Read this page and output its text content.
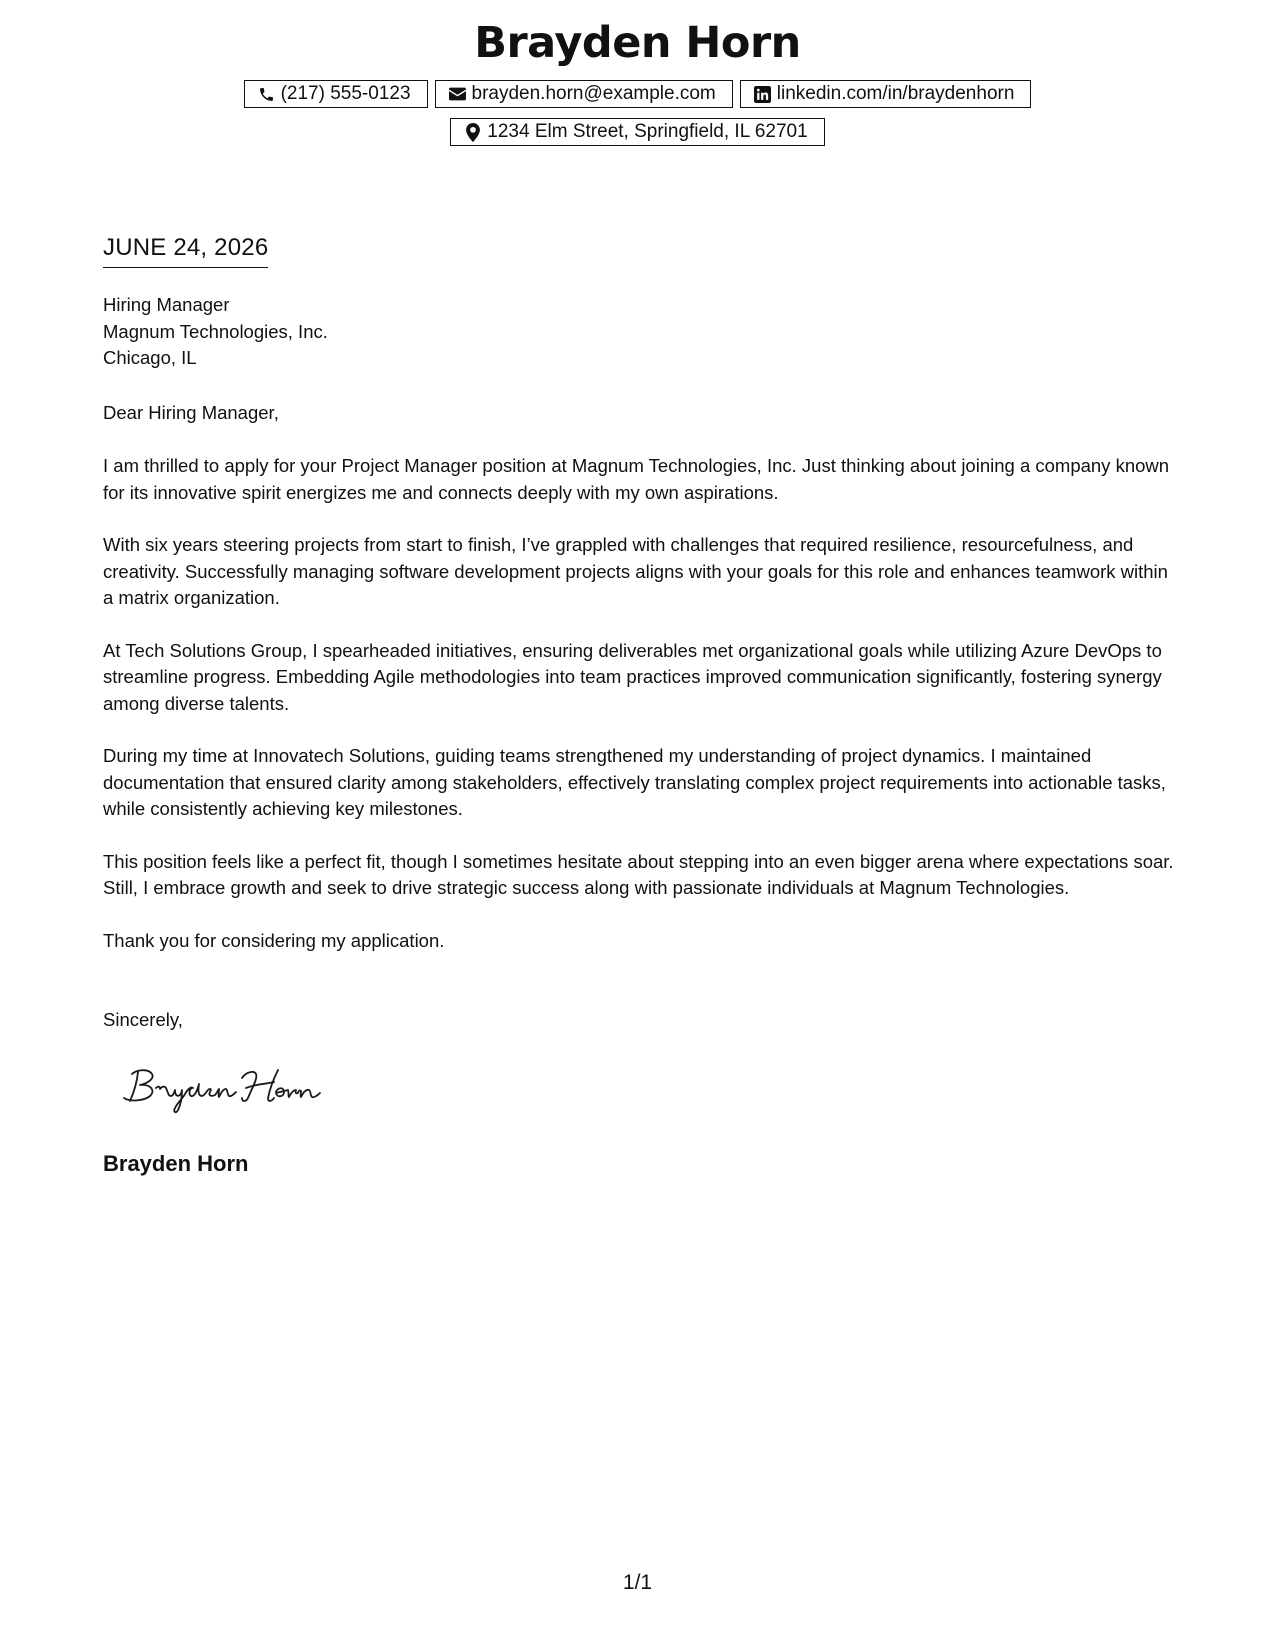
Brayden Horn
(217) 555-0123	brayden.horn@example.com	linkedin.com/in/braydenhorn
1234 Elm Street, Springfield, IL 62701
JUNE 24, 2026
Hiring Manager
Magnum Technologies, Inc.
Chicago, IL
Dear Hiring Manager,

I am thrilled to apply for your Project Manager position at Magnum Technologies, Inc. Just thinking about joining a company known for its innovative spirit energizes me and connects deeply with my own aspirations.

With six years steering projects from start to finish, I’ve grappled with challenges that required resilience, resourcefulness, and creativity. Successfully managing software development projects aligns with your goals for this role and enhances teamwork within a matrix organization.

At Tech Solutions Group, I spearheaded initiatives, ensuring deliverables met organizational goals while utilizing Azure DevOps to streamline progress. Embedding Agile methodologies into team practices improved communication significantly, fostering synergy among diverse talents.

During my time at Innovatech Solutions, guiding teams strengthened my understanding of project dynamics. I maintained documentation that ensured clarity among stakeholders, effectively translating complex project requirements into actionable tasks, while consistently achieving key milestones.

This position feels like a perfect fit, though I sometimes hesitate about stepping into an even bigger arena where expectations soar. Still, I embrace growth and seek to drive strategic success along with passionate individuals at Magnum Technologies.

Thank you for considering my application.

Sincerely,
Brayden Horn
1/1
